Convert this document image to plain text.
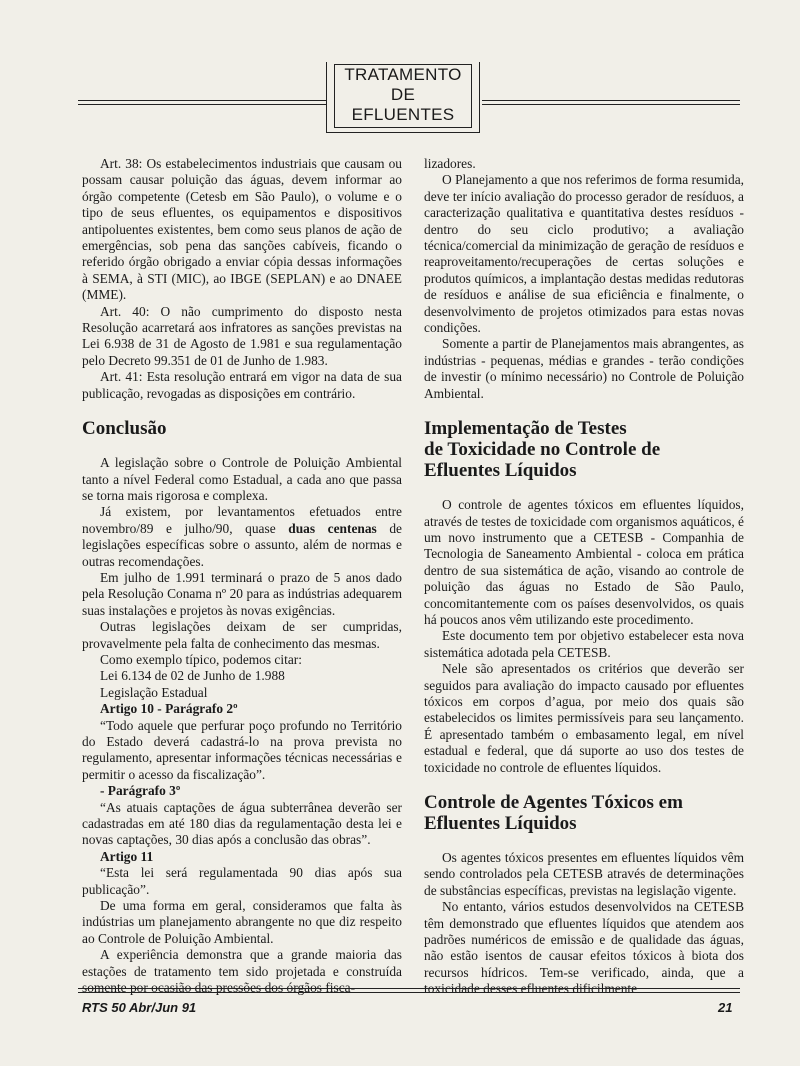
TRATAMENTO
DE
EFLUENTES

Art. 38: Os estabelecimentos industriais que causam ou possam causar poluição das águas, devem informar ao órgão competente (Cetesb em São Paulo), o volume e o tipo de seus efluentes, os equipamentos e dispositivos antipoluentes existentes, bem como seus planos de ação de emergências, sob pena das sanções cabíveis, ficando o referido órgão obrigado a enviar cópia dessas informações à SEMA, à STI (MIC), ao IBGE (SEPLAN) e ao DNAEE (MME).

Art. 40: O não cumprimento do disposto nesta Resolução acarretará aos infratores as sanções previstas na Lei 6.938 de 31 de Agosto de 1.981 e sua regulamentação pelo Decreto 99.351 de 01 de Junho de 1.983.

Art. 41: Esta resolução entrará em vigor na data de sua publicação, revogadas as disposições em contrário.

Conclusão

A legislação sobre o Controle de Poluição Ambiental tanto a nível Federal como Estadual, a cada ano que passa se torna mais rigorosa e complexa.

Já existem, por levantamentos efetuados entre novembro/89 e julho/90, quase duas centenas de legislações específicas sobre o assunto, além de normas e outras recomendações.

Em julho de 1.991 terminará o prazo de 5 anos dado pela Resolução Conama nº 20 para as indústrias adequarem suas instalações e projetos às novas exigências.

Outras legislações deixam de ser cumpridas, provavelmente pela falta de conhecimento das mesmas.

Como exemplo típico, podemos citar:

Lei 6.134 de 02 de Junho de 1.988

Legislação Estadual

Artigo 10 - Parágrafo 2º

“Todo aquele que perfurar poço profundo no Território do Estado deverá cadastrá-lo na prova prevista no regulamento, apresentar informações técnicas necessárias e permitir o acesso da fiscalização”.

- Parágrafo 3º

“As atuais captações de água subterrânea deverão ser cadastradas em até 180 dias da regulamentação desta lei e novas captações, 30 dias após a conclusão das obras”.

Artigo 11

“Esta lei será regulamentada 90 dias após sua publicação”.

De uma forma em geral, consideramos que falta às indústrias um planejamento abrangente no que diz respeito ao Controle de Poluição Ambiental.

A experiência demonstra que a grande maioria das estações de tratamento tem sido projetada e construída somente por ocasião das pressões dos órgãos fisca-

lizadores.

O Planejamento a que nos referimos de forma resumida, deve ter início avaliação do processo gerador de resíduos, a caracterização qualitativa e quantitativa destes resíduos - dentro do seu ciclo produtivo; a avaliação técnica/comercial da minimização de geração de resíduos e reaproveitamento/recuperações de certas soluções e produtos químicos, a implantação destas medidas redutoras de resíduos e análise de sua eficiência e finalmente, o desenvolvimento de projetos otimizados para estas novas condições.

Somente a partir de Planejamentos mais abrangentes, as indústrias - pequenas, médias e grandes - terão condições de investir (o mínimo necessário) no Controle de Poluição Ambiental.

Implementação de Testes
de Toxicidade no Controle de
Efluentes Líquidos

O controle de agentes tóxicos em efluentes líquidos, através de testes de toxicidade com organismos aquáticos, é um novo instrumento que a CETESB - Companhia de Tecnologia de Saneamento Ambiental - coloca em prática dentro de sua sistemática de ação, visando ao controle de poluição das águas no Estado de São Paulo, concomitantemente com os países desenvolvidos, os quais há poucos anos vêm utilizando este procedimento.

Este documento tem por objetivo estabelecer esta nova sistemática adotada pela CETESB.

Nele são apresentados os critérios que deverão ser seguidos para avaliação do impacto causado por efluentes tóxicos em corpos d’agua, por meio dos quais são estabelecidos os limites permissíveis para seu lançamento. É apresentado também o embasamento legal, em nível estadual e federal, que dá suporte ao uso dos testes de toxicidade no controle de efluentes líquidos.

Controle de Agentes Tóxicos em
Efluentes Líquidos

Os agentes tóxicos presentes em efluentes líquidos vêm sendo controlados pela CETESB através de determinações de substâncias específicas, previstas na legislação vigente.

No entanto, vários estudos desenvolvidos na CETESB têm demonstrado que efluentes líquidos que atendem aos padrões numéricos de emissão e de qualidade das águas, não estão isentos de causar efeitos tóxicos à biota dos recursos hídricos. Tem-se verificado, ainda, que a toxicidade desses efluentes dificilmente

RTS 50 Abr/Jun 91	21
